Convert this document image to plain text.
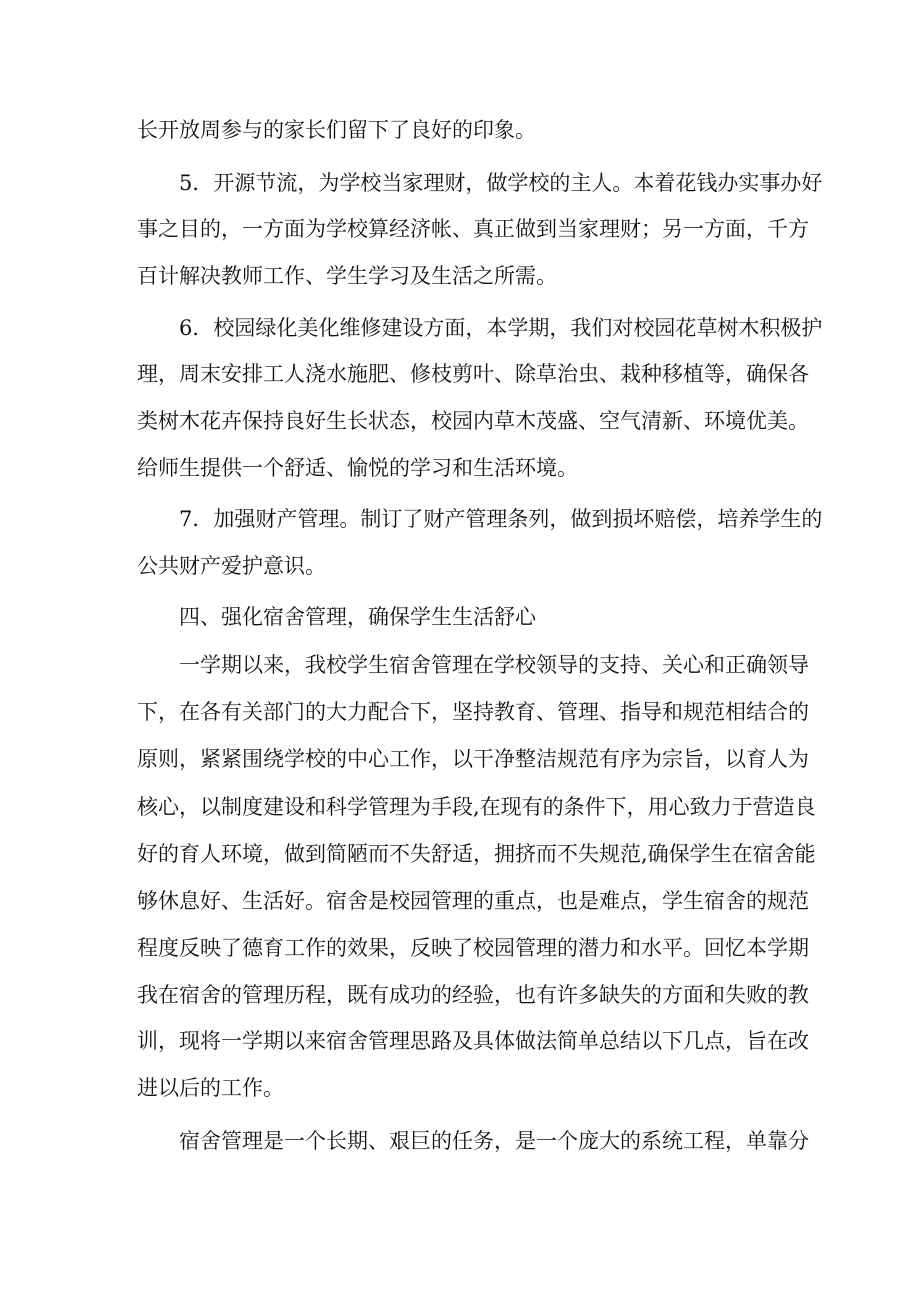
长开放周参与的家长们留下了良好的印象。
5．开源节流，为学校当家理财，做学校的主人。本着花钱办实事办好
事之目的，一方面为学校算经济帐、真正做到当家理财；另一方面，千方
百计解决教师工作、学生学习及生活之所需。
6．校园绿化美化维修建设方面，本学期，我们对校园花草树木积极护
理，周末安排工人浇水施肥、修枝剪叶、除草治虫、栽种移植等，确保各
类树木花卉保持良好生长状态，校园内草木茂盛、空气清新、环境优美。
给师生提供一个舒适、愉悦的学习和生活环境。
7．加强财产管理。制订了财产管理条列，做到损坏赔偿，培养学生的
公共财产爱护意识。
四、强化宿舍管理，确保学生生活舒心
一学期以来，我校学生宿舍管理在学校领导的支持、关心和正确领导
下，在各有关部门的大力配合下，坚持教育、管理、指导和规范相结合的
原则，紧紧围绕学校的中心工作，以干净整洁规范有序为宗旨，以育人为
核心，以制度建设和科学管理为手段,在现有的条件下，用心致力于营造良
好的育人环境，做到简陋而不失舒适，拥挤而不失规范,确保学生在宿舍能
够休息好、生活好。宿舍是校园管理的重点，也是难点，学生宿舍的规范
程度反映了德育工作的效果，反映了校园管理的潜力和水平。回忆本学期
我在宿舍的管理历程，既有成功的经验，也有许多缺失的方面和失败的教
训，现将一学期以来宿舍管理思路及具体做法简单总结以下几点，旨在改
进以后的工作。
宿舍管理是一个长期、艰巨的任务，是一个庞大的系统工程，单靠分
